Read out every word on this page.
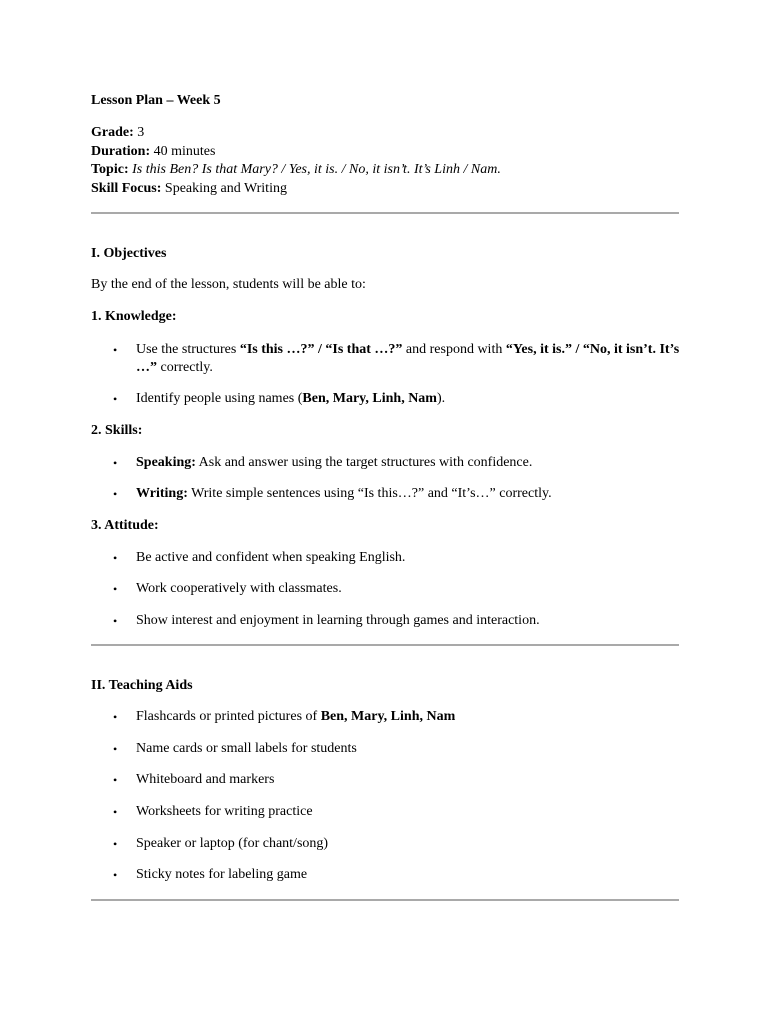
Lesson Plan – Week 5
Grade: 3
Duration: 40 minutes
Topic: Is this Ben? Is that Mary? / Yes, it is. / No, it isn’t. It’s Linh / Nam.
Skill Focus: Speaking and Writing
I. Objectives
By the end of the lesson, students will be able to:
1. Knowledge:
• Use the structures “Is this …?” / “Is that …?” and respond with “Yes, it is.” / “No, it isn’t. It’s …” correctly.
• Identify people using names (Ben, Mary, Linh, Nam).
2. Skills:
• Speaking: Ask and answer using the target structures with confidence.
• Writing: Write simple sentences using “Is this…?” and “It’s…” correctly.
3. Attitude:
• Be active and confident when speaking English.
• Work cooperatively with classmates.
• Show interest and enjoyment in learning through games and interaction.
II. Teaching Aids
• Flashcards or printed pictures of Ben, Mary, Linh, Nam
• Name cards or small labels for students
• Whiteboard and markers
• Worksheets for writing practice
• Speaker or laptop (for chant/song)
• Sticky notes for labeling game
